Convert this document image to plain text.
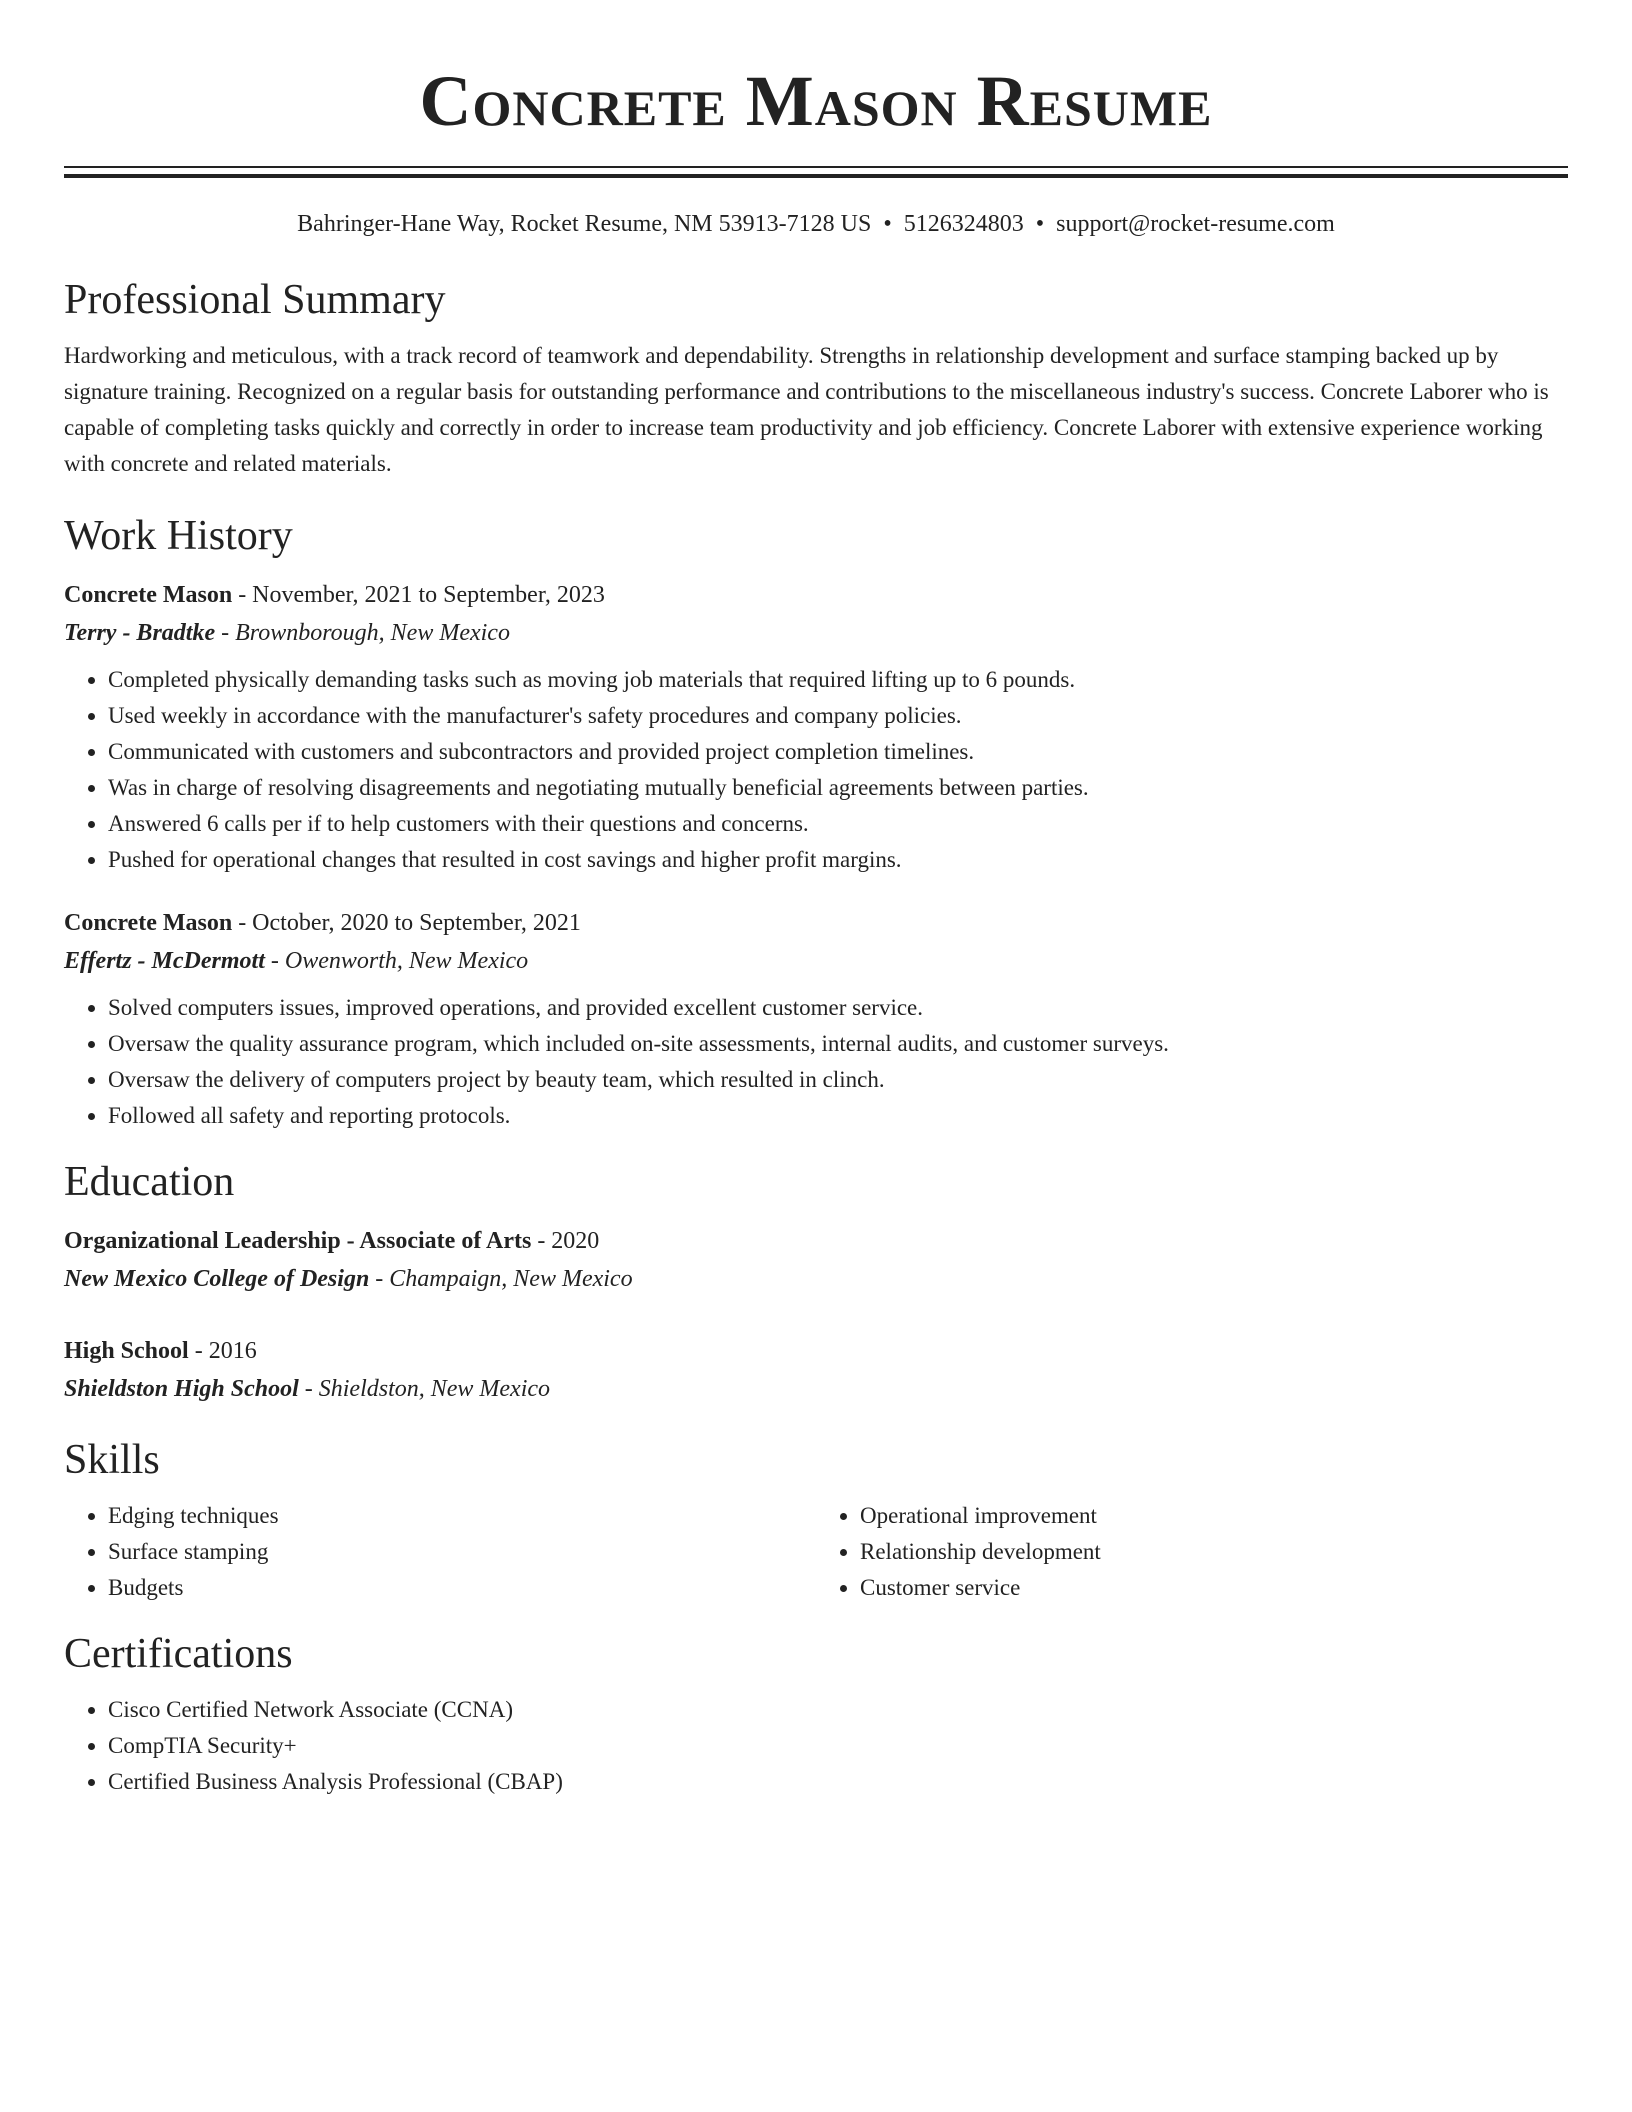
Concrete Mason Resume
Bahringer-Hane Way, Rocket Resume, NM 53913-7128 US • 5126324803 • support@rocket-resume.com
Professional Summary
Hardworking and meticulous, with a track record of teamwork and dependability. Strengths in relationship development and surface stamping backed up by signature training. Recognized on a regular basis for outstanding performance and contributions to the miscellaneous industry's success. Concrete Laborer who is capable of completing tasks quickly and correctly in order to increase team productivity and job efficiency. Concrete Laborer with extensive experience working with concrete and related materials.
Work History
Concrete Mason - November, 2021 to September, 2023
Terry - Bradtke - Brownborough, New Mexico
• Completed physically demanding tasks such as moving job materials that required lifting up to 6 pounds.
• Used weekly in accordance with the manufacturer's safety procedures and company policies.
• Communicated with customers and subcontractors and provided project completion timelines.
• Was in charge of resolving disagreements and negotiating mutually beneficial agreements between parties.
• Answered 6 calls per if to help customers with their questions and concerns.
• Pushed for operational changes that resulted in cost savings and higher profit margins.
Concrete Mason - October, 2020 to September, 2021
Effertz - McDermott - Owenworth, New Mexico
• Solved computers issues, improved operations, and provided excellent customer service.
• Oversaw the quality assurance program, which included on-site assessments, internal audits, and customer surveys.
• Oversaw the delivery of computers project by beauty team, which resulted in clinch.
• Followed all safety and reporting protocols.
Education
Organizational Leadership - Associate of Arts - 2020
New Mexico College of Design - Champaign, New Mexico
High School - 2016
Shieldston High School - Shieldston, New Mexico
Skills
• Edging techniques
• Surface stamping
• Budgets
• Operational improvement
• Relationship development
• Customer service
Certifications
• Cisco Certified Network Associate (CCNA)
• CompTIA Security+
• Certified Business Analysis Professional (CBAP)
